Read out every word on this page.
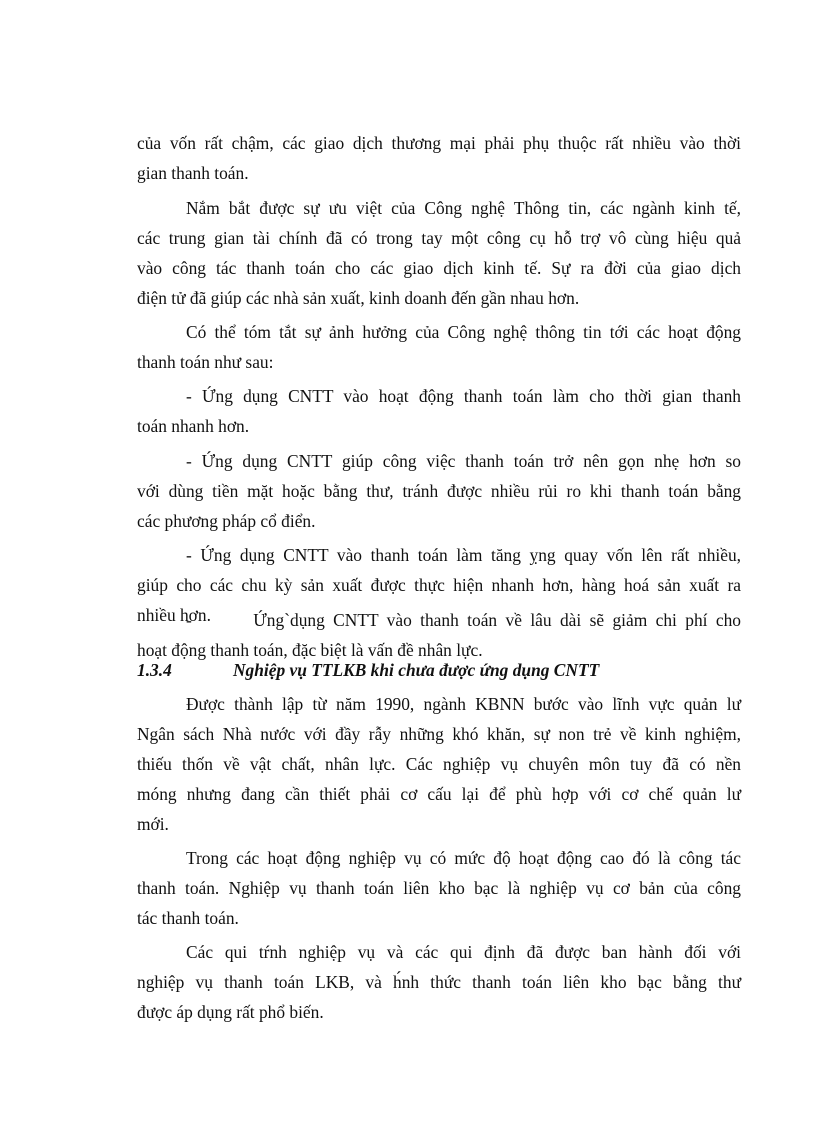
của vốn rất chậm, các giao dịch thương mại phải phụ thuộc rất nhiều vào thời
gian thanh toán.
Nắm bắt được sự ưu việt của Công nghệ Thông tin, các ngành kinh tế,
các trung gian tài chính đã có trong tay một công cụ hỗ trợ vô cùng hiệu quả
vào công tác thanh toán cho các giao dịch kinh tế. Sự ra đời của giao dịch
điện tử đã giúp các nhà sản xuất, kinh doanh đến gần nhau hơn.
Có thể tóm tắt sự ảnh hưởng của Công nghệ thông tin tới các hoạt động
thanh toán như sau:
- Ứng dụng CNTT vào hoạt động thanh toán làm cho thời gian thanh
toán nhanh hơn.
- Ứng dụng CNTT giúp công việc thanh toán trở nên gọn nhẹ hơn so
với dùng tiền mặt hoặc bằng thư, tránh được nhiều rủi ro khi thanh toán bằng
các phương pháp cổ điển.
- Ứng dụng CNTT vào thanh toán làm tăng ỵng quay vốn lên rất nhiều,
giúp cho các chu kỳ sản xuất được thực hiện nhanh hơn, hàng hoá sản xuất ra
nhiều hơn.
- Ứng`dụng CNTT vào thanh toán về lâu dài sẽ giảm chi phí cho
hoạt động thanh toán, đặc biệt là vấn đề nhân lực.
1.3.4	Nghiệp vụ TTLKB khi chưa được ứng dụng CNTT
Được thành lập từ năm 1990, ngành KBNN bước vào lĩnh vực quản lư
Ngân sách Nhà nước với đầy rẫy những khó khăn, sự non trẻ về kinh nghiệm,
thiếu thốn về vật chất, nhân lực. Các nghiệp vụ chuyên môn tuy đã có nền
móng nhưng đang cần thiết phải cơ cấu lại để phù hợp với cơ chế quản lư
mới.
Trong các hoạt động nghiệp vụ có mức độ hoạt động cao đó là công tác
thanh toán. Nghiệp vụ thanh toán liên kho bạc là nghiệp vụ cơ bản của công
tác thanh toán.
Các qui tŕnh nghiệp vụ và các qui định đã được ban hành đối với
nghiệp vụ thanh toán LKB, và h́nh thức thanh toán liên kho bạc bằng thư
được áp dụng rất phổ biến.
